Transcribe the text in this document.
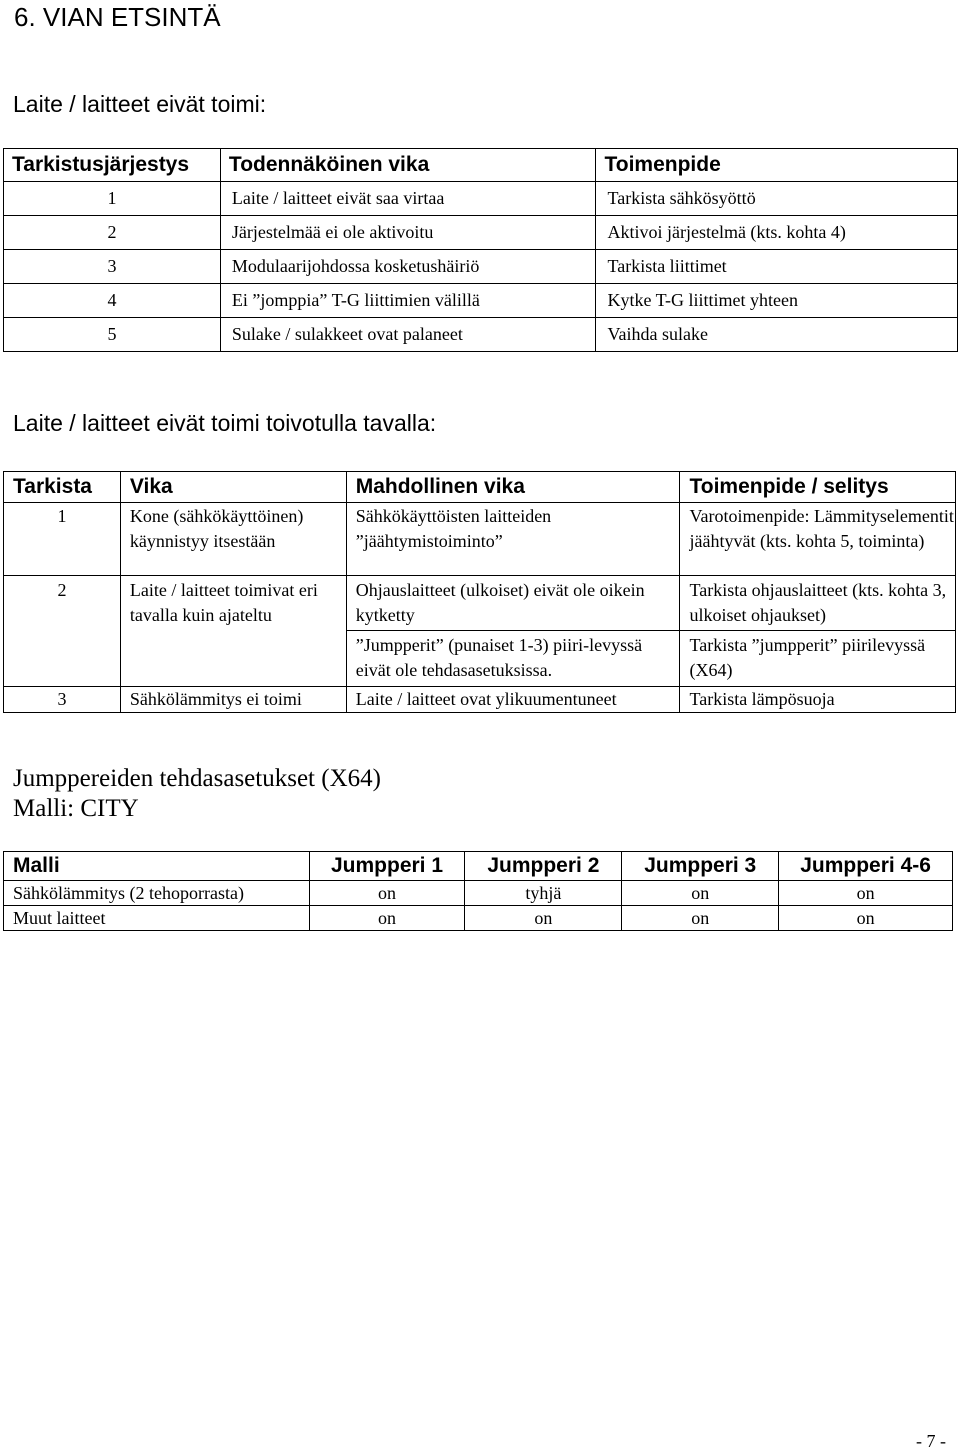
6. VIAN ETSINTÄ
Laite / laitteet eivät toimi:
Tarkistusjärjestys	Todennäköinen vika	Toimenpide
1	Laite / laitteet eivät saa virtaa	Tarkista sähkösyöttö
2	Järjestelmää ei ole aktivoitu	Aktivoi järjestelmä (kts. kohta 4)
3	Modulaarijohdossa kosketushäiriö	Tarkista liittimet
4	Ei ”jomppia” T-G liittimien välillä	Kytke T-G liittimet yhteen
5	Sulake / sulakkeet ovat palaneet	Vaihda sulake
Laite / laitteet eivät toimi toivotulla tavalla:
Tarkista	Vika	Mahdollinen vika	Toimenpide / selitys
1	Kone (sähkökäyttöinen) käynnistyy itsestään	Sähkökäyttöisten laitteiden ”jäähtymistoiminto”	Varotoimenpide: Lämmityselementit jäähtyvät (kts. kohta 5, toiminta)
2	Laite / laitteet toimivat eri tavalla kuin ajateltu	Ohjauslaitteet (ulkoiset) eivät ole oikein kytketty	Tarkista ohjauslaitteet (kts. kohta 3, ulkoiset ohjaukset)
		”Jumpperit” (punaiset 1-3) piiri-levyssä eivät ole tehdasasetuksissa.	Tarkista ”jumpperit” piirilevyssä (X64)
3	Sähkölämmitys ei toimi	Laite / laitteet ovat ylikuumentuneet	Tarkista lämpösuoja
Jumppereiden tehdasasetukset (X64)
Malli: CITY
Malli	Jumpperi 1	Jumpperi 2	Jumpperi 3	Jumpperi 4-6
Sähkölämmitys (2 tehoporrasta)	on	tyhjä	on	on
Muut laitteet	on	on	on	on
- 7 -
